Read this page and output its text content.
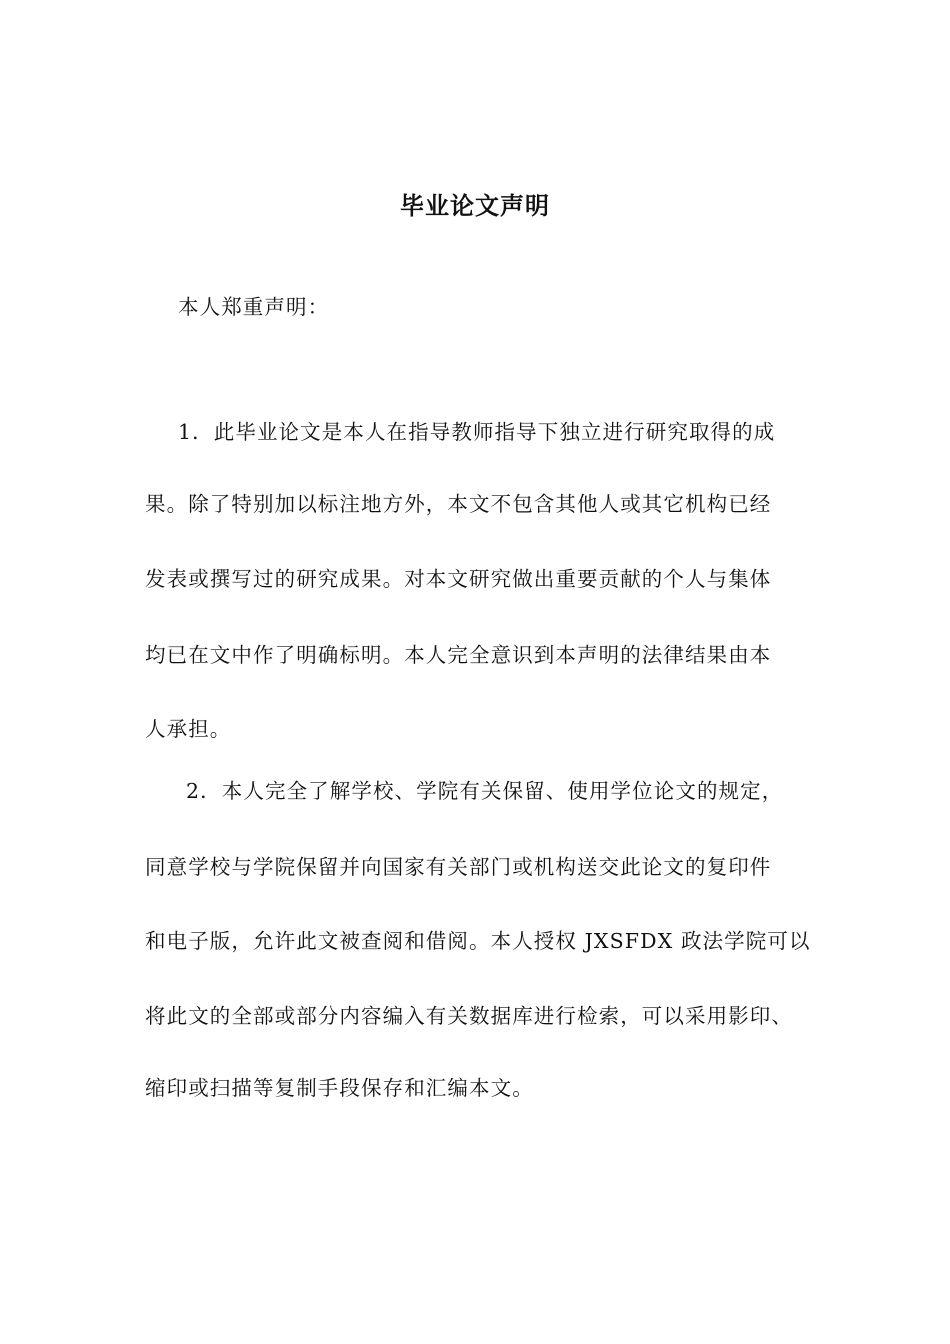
毕业论文声明
本人郑重声明：
1．此毕业论文是本人在指导教师指导下独立进行研究取得的成
果。除了特别加以标注地方外，本文不包含其他人或其它机构已经
发表或撰写过的研究成果。对本文研究做出重要贡献的个人与集体
均已在文中作了明确标明。本人完全意识到本声明的法律结果由本
人承担。
2．本人完全了解学校、学院有关保留、使用学位论文的规定，
同意学校与学院保留并向国家有关部门或机构送交此论文的复印件
和电子版，允许此文被查阅和借阅。本人授权 JXSFDX 政法学院可以
将此文的全部或部分内容编入有关数据库进行检索，可以采用影印、
缩印或扫描等复制手段保存和汇编本文。
